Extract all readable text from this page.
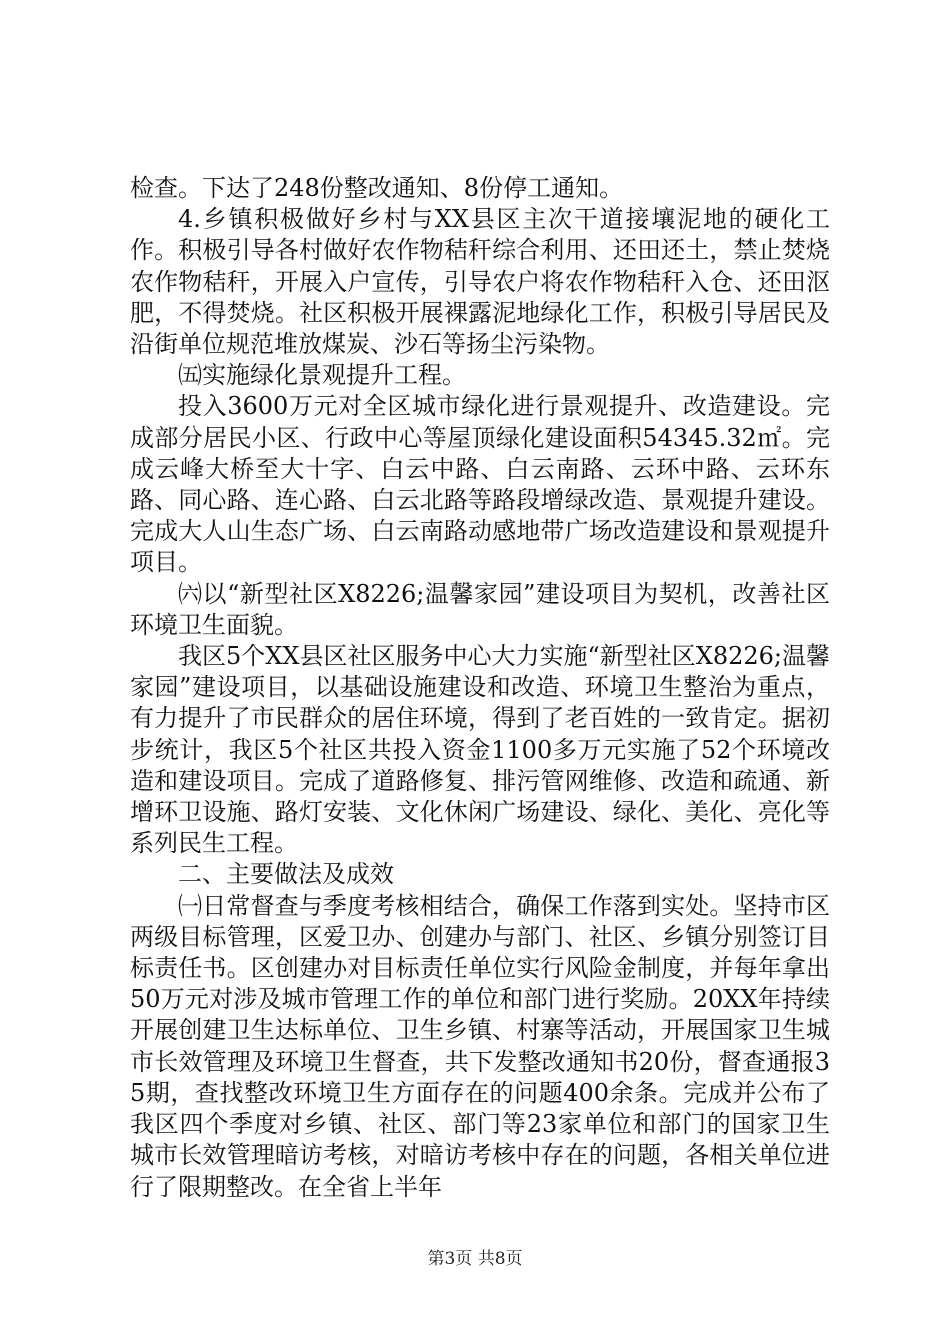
检查。下达了248份整改通知、8份停工通知。

4.乡镇积极做好乡村与XX县区主次干道接壤泥地的硬化工作。积极引导各村做好农作物秸秆综合利用、还田还土，禁止焚烧农作物秸秆，开展入户宣传，引导农户将农作物秸秆入仓、还田沤肥，不得焚烧。社区积极开展裸露泥地绿化工作，积极引导居民及沿街单位规范堆放煤炭、沙石等扬尘污染物。

㈤实施绿化景观提升工程。

投入3600万元对全区城市绿化进行景观提升、改造建设。完成部分居民小区、行政中心等屋顶绿化建设面积54345.32㎡。完成云峰大桥至大十字、白云中路、白云南路、云环中路、云环东路、同心路、连心路、白云北路等路段增绿改造、景观提升建设。完成大人山生态广场、白云南路动感地带广场改造建设和景观提升项目。

㈥以“新型社区X8226;温馨家园”建设项目为契机，改善社区环境卫生面貌。

我区5个XX县区社区服务中心大力实施“新型社区X8226;温馨家园”建设项目，以基础设施建设和改造、环境卫生整治为重点，有力提升了市民群众的居住环境，得到了老百姓的一致肯定。据初步统计，我区5个社区共投入资金1100多万元实施了52个环境改造和建设项目。完成了道路修复、排污管网维修、改造和疏通、新增环卫设施、路灯安装、文化休闲广场建设、绿化、美化、亮化等系列民生工程。

二、主要做法及成效

㈠日常督查与季度考核相结合，确保工作落到实处。坚持市区两级目标管理，区爱卫办、创建办与部门、社区、乡镇分别签订目标责任书。区创建办对目标责任单位实行风险金制度，并每年拿出50万元对涉及城市管理工作的单位和部门进行奖励。20XX年持续开展创建卫生达标单位、卫生乡镇、村寨等活动，开展国家卫生城市长效管理及环境卫生督查，共下发整改通知书20份，督查通报35期，查找整改环境卫生方面存在的问题400余条。完成并公布了我区四个季度对乡镇、社区、部门等23家单位和部门的国家卫生城市长效管理暗访考核，对暗访考核中存在的问题，各相关单位进行了限期整改。在全省上半年

第3页 共8页
